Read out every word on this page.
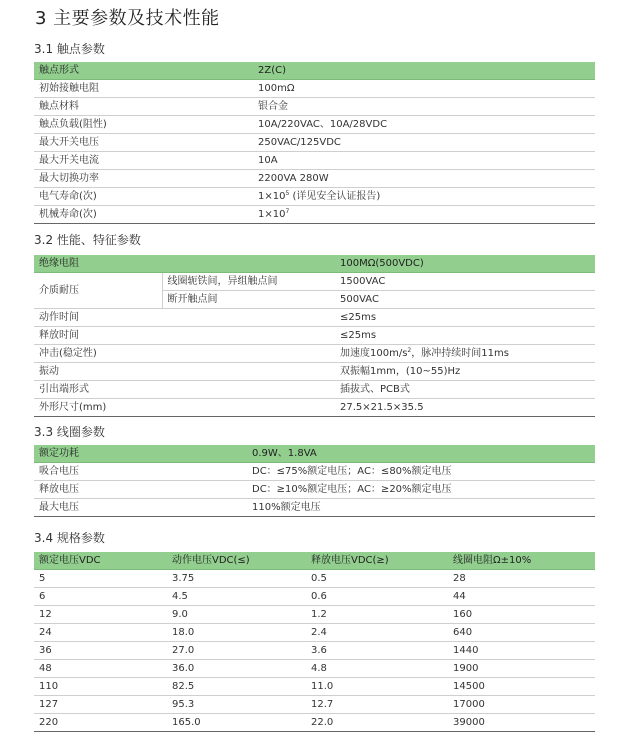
3 主要参数及技术性能
3.1 触点参数
触点形式	2Z(C)
初始接触电阻	100mΩ
触点材料	银合金
触点负载(阻性)	10A/220VAC、10A/28VDC
最大开关电压	250VAC/125VDC
最大开关电流	10A
最大切换功率	2200VA 280W
电气寿命(次)	$1\times 10^5$ (详见安全认证报告)
机械寿命(次)	$1\times 10^7$
3.2 性能、特征参数
绝缘电阻		100MΩ(500VDC)
介质耐压	线圈轭铁间，异组触点间	1500VAC
	断开触点间	500VAC
动作时间		≤25ms
释放时间		≤25ms
冲击(稳定性)		加速度$100m/s^2$，脉冲持续时间11ms
振动		双振幅1mm，(10~55)Hz
引出端形式		插拔式、PCB式
外形尺寸(mm)		27.5×21.5×35.5
3.3 线圈参数
额定功耗	0.9W、1.8VA
吸合电压	DC：≤75%额定电压；AC：≤80%额定电压
释放电压	DC：≥10%额定电压；AC：≥20%额定电压
最大电压	110%额定电压
3.4 规格参数
额定电压VDC	动作电压VDC(≤)	释放电压VDC(≥)	线圈电阻Ω±10%
5	3.75	0.5	28
6	4.5	0.6	44
12	9.0	1.2	160
24	18.0	2.4	640
36	27.0	3.6	1440
48	36.0	4.8	1900
110	82.5	11.0	14500
127	95.3	12.7	17000
220	165.0	22.0	39000
